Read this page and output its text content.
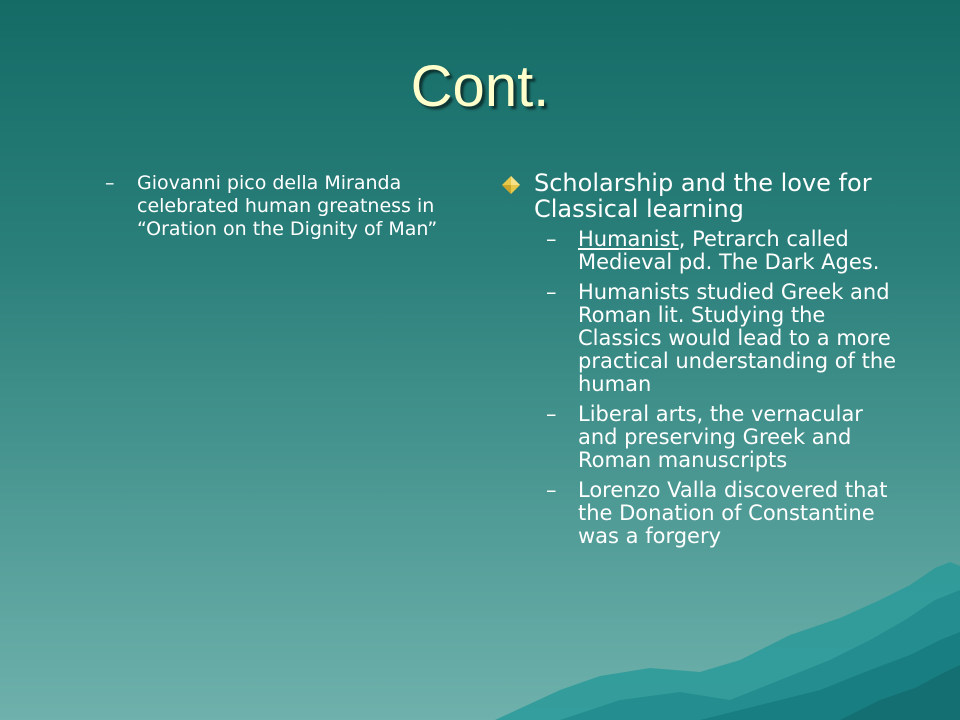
Cont.
– Giovanni pico della Miranda celebrated human greatness in “Oration on the Dignity of Man”
Scholarship and the love for Classical learning
– Humanist, Petrarch called Medieval pd. The Dark Ages.
– Humanists studied Greek and Roman lit. Studying the Classics would lead to a more practical understanding of the human
– Liberal arts, the vernacular and preserving Greek and Roman manuscripts
– Lorenzo Valla discovered that the Donation of Constantine was a forgery
